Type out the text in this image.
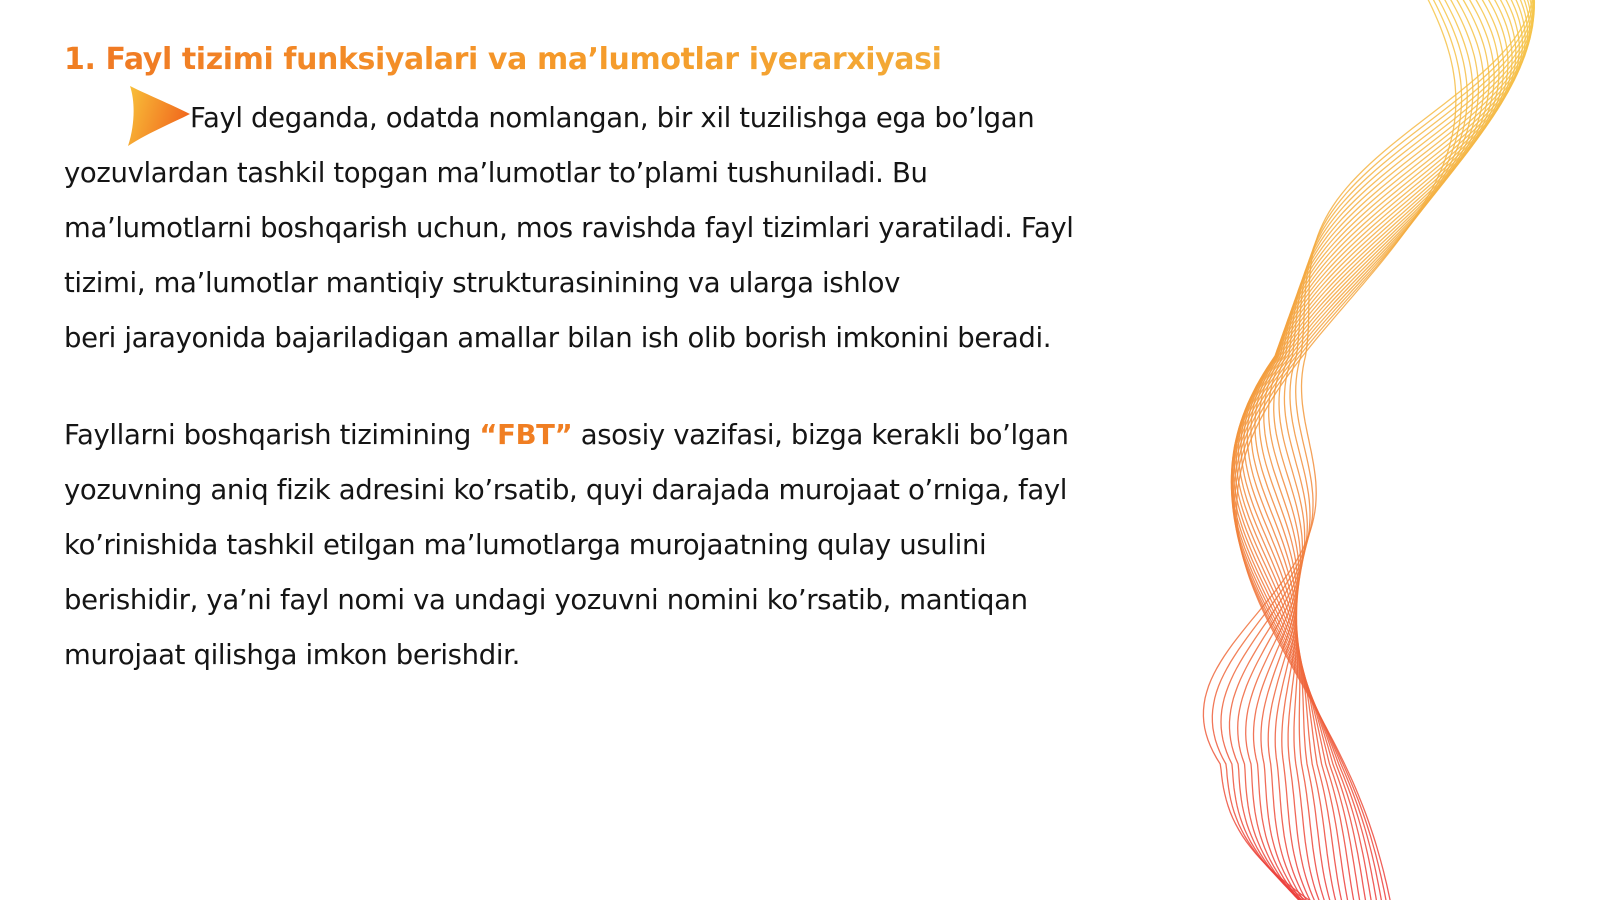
1. Fayl tizimi funksiyalari va ma’lumotlar iyerarxiyasi
Fayl deganda, odatda nomlangan, bir xil tuzilishga ega bo’lgan
yozuvlardan tashkil topgan ma’lumotlar to’plami tushuniladi. Bu
ma’lumotlarni boshqarish uchun, mos ravishda fayl tizimlari yaratiladi. Fayl
tizimi, ma’lumotlar mantiqiy strukturasinining va ularga ishlov
beri jarayonida bajariladigan amallar bilan ish olib borish imkonini beradi.
Fayllarni boshqarish tizimining “FBT” asosiy vazifasi, bizga kerakli bo’lgan
yozuvning aniq fizik adresini ko’rsatib, quyi darajada murojaat o’rniga, fayl
ko’rinishida tashkil etilgan ma’lumotlarga murojaatning qulay usulini
berishidir, ya’ni fayl nomi va undagi yozuvni nomini ko’rsatib, mantiqan
murojaat qilishga imkon berishdir.
